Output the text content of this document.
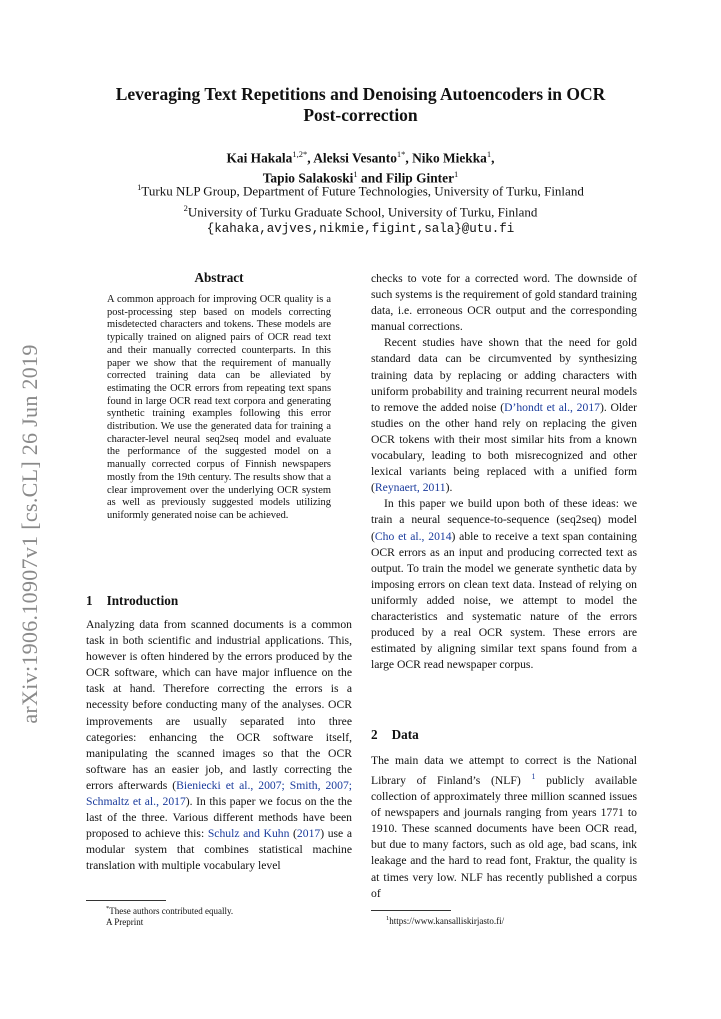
arXiv:1906.10907v1 [cs.CL] 26 Jun 2019
Leveraging Text Repetitions and Denoising Autoencoders in OCR
Post-correction
Kai Hakala$^{1,2*}$, Aleksi Vesanto$^{1*}$, Niko Miekka$^1$,
Tapio Salakoski$^1$ and Filip Ginter$^1$
$^1$Turku NLP Group, Department of Future Technologies, University of Turku, Finland
$^2$University of Turku Graduate School, University of Turku, Finland
{kahaka,avjves,nikmie,figint,sala}@utu.fi
Abstract
A common approach for improving OCR quality is a post-processing step based on models correcting misdetected characters and tokens. These models are typically trained on aligned pairs of OCR read text and their manually corrected counterparts. In this paper we show that the requirement of manually corrected training data can be alleviated by estimating the OCR errors from repeating text spans found in large OCR read text corpora and generating synthetic training examples following this error distribution. We use the generated data for training a character-level neural seq2seq model and evaluate the performance of the suggested model on a manually corrected corpus of Finnish newspapers mostly from the 19th century. The results show that a clear improvement over the underlying OCR system as well as previously suggested models utilizing uniformly generated noise can be achieved.
1 Introduction

Analyzing data from scanned documents is a common task in both scientific and industrial applications. This, however is often hindered by the errors produced by the OCR software, which can have major influence on the task at hand. Therefore correcting the errors is a necessity before conducting many of the analyses. OCR improvements are usually separated into three categories: enhancing the OCR software itself, manipulating the scanned images so that the OCR software has an easier job, and lastly correcting the errors afterwards (Bieniecki et al., 2007; Smith, 2007; Schmaltz et al., 2017). In this paper we focus on the the last of the three. Various different methods have been proposed to achieve this: Schulz and Kuhn (2017) use a modular system that combines statistical machine translation with multiple vocabulary level

*These authors contributed equally.
A Preprint

checks to vote for a corrected word. The downside of such systems is the requirement of gold standard training data, i.e. erroneous OCR output and the corresponding manual corrections.

Recent studies have shown that the need for gold standard data can be circumvented by synthesizing training data by replacing or adding characters with uniform probability and training recurrent neural models to remove the added noise (D’hondt et al., 2017). Older studies on the other hand rely on replacing the given OCR tokens with their most similar hits from a known vocabulary, leading to both misrecognized and other lexical variants being replaced with a unified form (Reynaert, 2011).

In this paper we build upon both of these ideas: we train a neural sequence-to-sequence (seq2seq) model (Cho et al., 2014) able to receive a text span containing OCR errors as an input and producing corrected text as output. To train the model we generate synthetic data by imposing errors on clean text data. Instead of relying on uniformly added noise, we attempt to model the characteristics and systematic nature of the errors produced by a real OCR system. These errors are estimated by aligning similar text spans found from a large OCR read newspaper corpus.

2 Data

The main data we attempt to correct is the National Library of Finland’s (NLF) $^1$ publicly available collection of approximately three million scanned issues of newspapers and journals ranging from years 1771 to 1910. These scanned documents have been OCR read, but due to many factors, such as old age, bad scans, ink leakage and the hard to read font, Fraktur, the quality is at times very low. NLF has recently published a corpus of

$^1$https://www.kansalliskirjasto.fi/
